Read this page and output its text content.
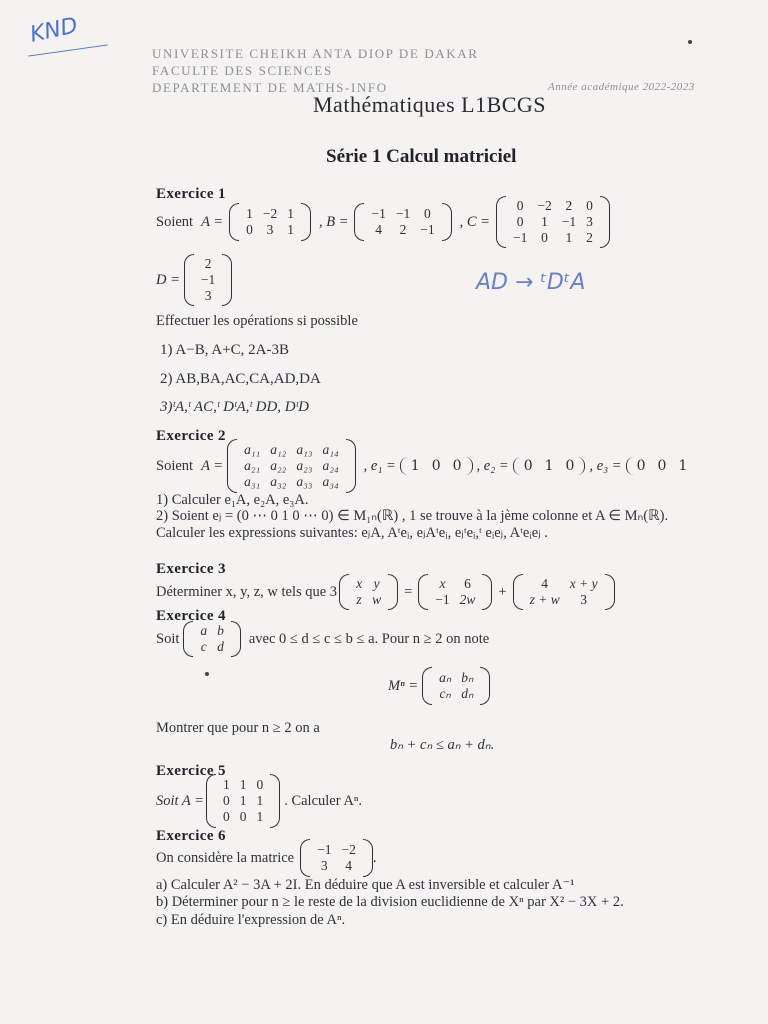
KND
AD → ᵗDᵗA
UNIVERSITE CHEIKH ANTA DIOP DE DAKAR
FACULTE DES SCIENCES
DEPARTEMENT DE MATHS-INFO	Année académique 2022-2023
Mathématiques L1BCGS
Série 1 Calcul matriciel
Exercice 1
Soient A = 1	−2	1
0	3	1 , B = −1	−1	0
4	2	−1 , C =
0	−2	2	0
0	1	−1	3
−1	0	1	2
D =
2
−1
3
Effectuer les opérations si possible
1) A−B, A+C, 2A-3B
2) AB,BA,AC,CA,AD,DA
3)ᵗA,ᵗ AC,ᵗ DᵗA,ᵗ DD, DᵗD
Exercice 2
Soient A =
a₁₁	a₁₂	a₁₃	a₁₄
a₂₁	a₂₂	a₂₃	a₂₄
a₃₁	a₃₂	a₃₃	a₃₄
, e₁ = 1 0 0 , e₂ = 0 1 0 , e₃ = 0 0 1
1) Calculer e₁A, e₂A, e₃A.
2) Soient eⱼ = (0 ⋯ 0 1 0 ⋯ 0) ∈ M₁ₙ(ℝ) , 1 se trouve à la jème colonne et A ∈ Mₙ(ℝ).
Calculer les expressions suivantes: eⱼA, Aᵗeᵢ, eⱼAᵗeᵢ, eⱼᵗeᵢ,ᵗ eᵢeⱼ, Aᵗeᵢeⱼ .
Exercice 3
Déterminer x, y, z, w tels que 3 x	y
z	w = x	6
−1	2w +	4	x + y
z + w	3
Exercice 4
Soit a	b
c	d avec 0 ≤ d ≤ c ≤ b ≤ a. Pour n ≥ 2 on note
Mⁿ = aₙ	bₙ
cₙ	dₙ
Montrer que pour n ≥ 2 on a
bₙ + cₙ ≤ aₙ + dₙ.
Exercice 5
Soit A =
1	1	0
0	1	1
0	0	1
. Calculer Aⁿ.
Exercice 6
On considère la matrice −1	−2
3	4 .
a) Calculer A² − 3A + 2I. En déduire que A est inversible et calculer A⁻¹
b) Déterminer pour n ≥ le reste de la division euclidienne de Xⁿ par X² − 3X + 2.
c) En déduire l'expression de Aⁿ.
